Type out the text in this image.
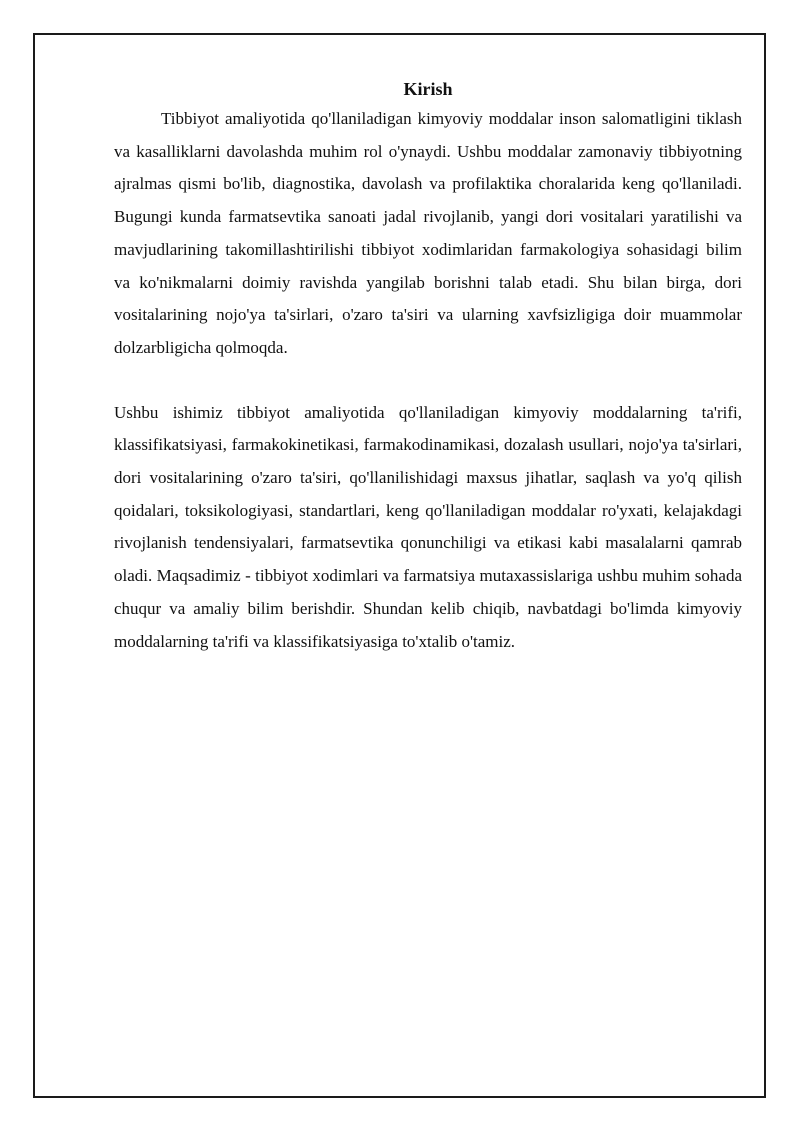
Kirish

Tibbiyot amaliyotida qo'llaniladigan kimyoviy moddalar inson salomatligini tiklash va kasalliklarni davolashda muhim rol o'ynaydi. Ushbu moddalar zamonaviy tibbiyotning ajralmas qismi bo'lib, diagnostika, davolash va profilaktika choralarida keng qo'llaniladi. Bugungi kunda farmatsevtika sanoati jadal rivojlanib, yangi dori vositalari yaratilishi va mavjudlarining takomillashtirilishi tibbiyot xodimlaridan farmakologiya sohasidagi bilim va ko'nikmalarni doimiy ravishda yangilab borishni talab etadi. Shu bilan birga, dori vositalarining nojo'ya ta'sirlari, o'zaro ta'siri va ularning xavfsizligiga doir muammolar dolzarbligicha qolmoqda.

Ushbu ishimiz tibbiyot amaliyotida qo'llaniladigan kimyoviy moddalarning ta'rifi, klassifikatsiyasi, farmakokinetikasi, farmakodinamikasi, dozalash usullari, nojo'ya ta'sirlari, dori vositalarining o'zaro ta'siri, qo'llanilishidagi maxsus jihatlar, saqlash va yo'q qilish qoidalari, toksikologiyasi, standartlari, keng qo'llaniladigan moddalar ro'yxati, kelajakdagi rivojlanish tendensiyalari, farmatsevtika qonunchiligi va etikasi kabi masalalarni qamrab oladi. Maqsadimiz - tibbiyot xodimlari va farmatsiya mutaxassislariga ushbu muhim sohada chuqur va amaliy bilim berishdir. Shundan kelib chiqib, navbatdagi bo'limda kimyoviy moddalarning ta'rifi va klassifikatsiyasiga to'xtalib o'tamiz.
